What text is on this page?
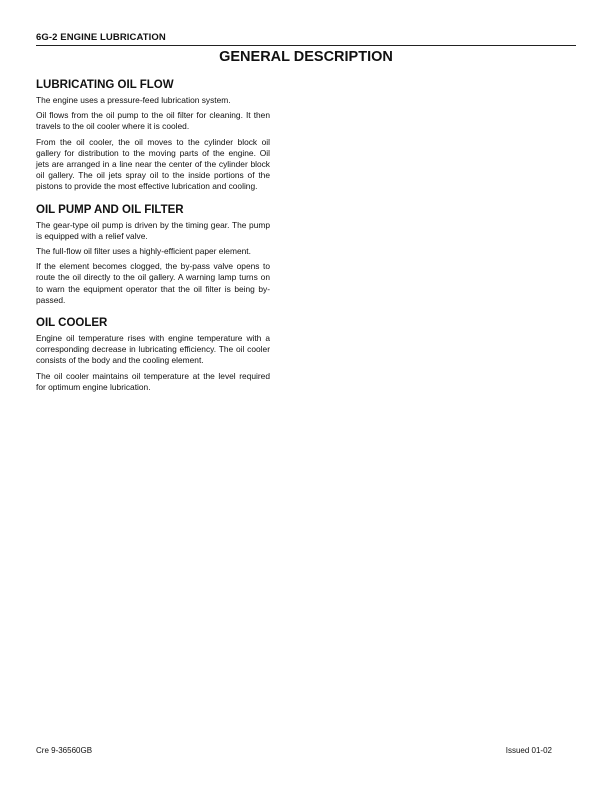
6G-2 ENGINE LUBRICATION
GENERAL DESCRIPTION
LUBRICATING OIL FLOW

The engine uses a pressure-feed lubrication system.

Oil flows from the oil pump to the oil filter for cleaning. It then travels to the oil cooler where it is cooled.

From the oil cooler, the oil moves to the cylinder block oil gallery for distribution to the moving parts of the engine. Oil jets are arranged in a line near the center of the cylinder block oil gallery. The oil jets spray oil to the inside portions of the pistons to provide the most effective lubrication and cooling.

OIL PUMP AND OIL FILTER

The gear-type oil pump is driven by the timing gear. The pump is equipped with a relief valve.

The full-flow oil filter uses a highly-efficient paper element.

If the element becomes clogged, the by-pass valve opens to route the oil directly to the oil gallery. A warning lamp turns on to warn the equipment operator that the oil filter is being by-passed.

OIL COOLER

Engine oil temperature rises with engine temperature with a corresponding decrease in lubricating efficiency. The oil cooler consists of the body and the cooling element.

The oil cooler maintains oil temperature at the level required for optimum engine lubrication.

Cre 9-36560GB	Issued 01-02
